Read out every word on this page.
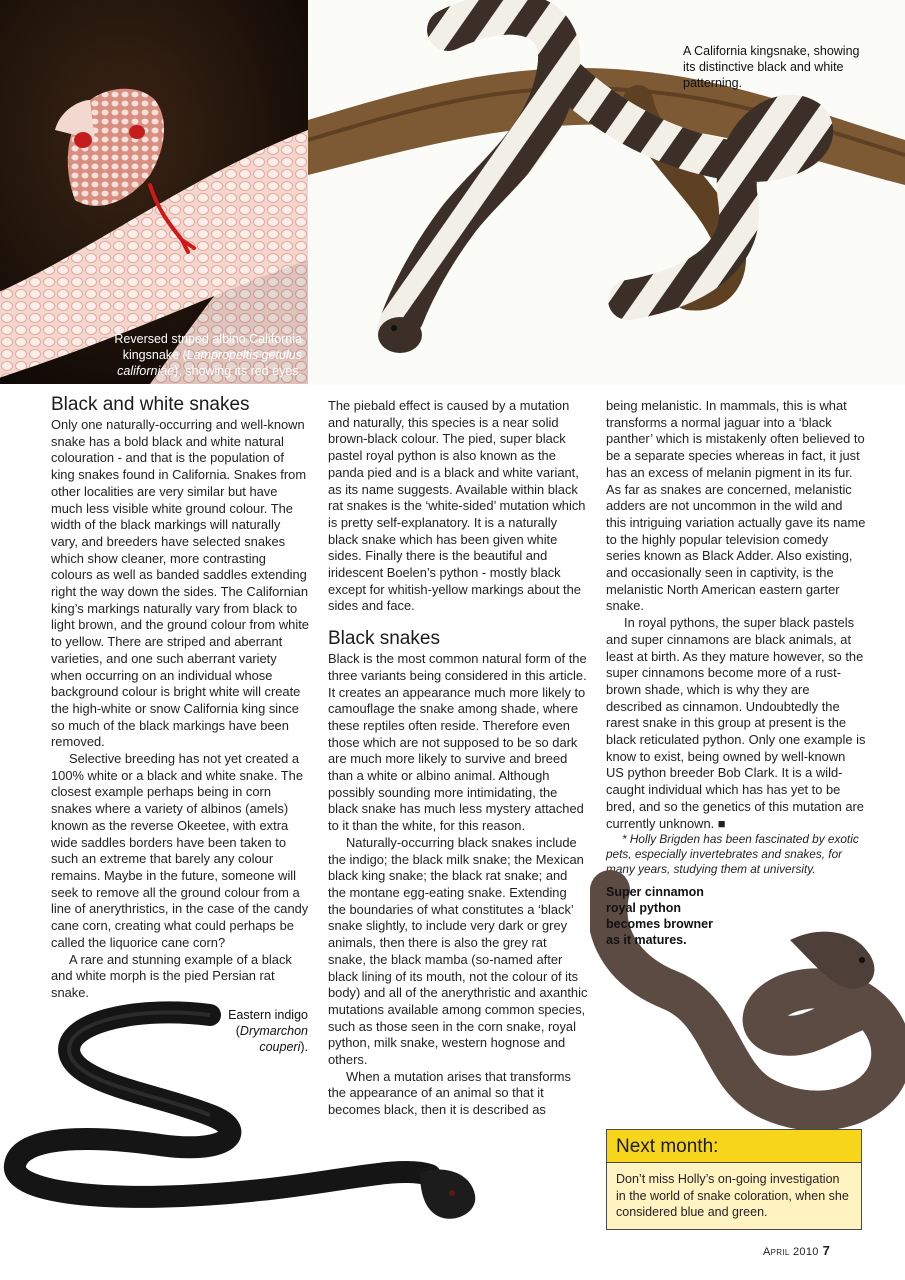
Reversed striped albino California kingsnake (Lampropeltis getulus californiae), showing its red eyes.
A California kingsnake, showing its distinctive black and white patterning.
Black and white snakes

Only one naturally-occurring and well-known snake has a bold black and white natural colouration - and that is the population of king snakes found in California. Snakes from other localities are very similar but have much less visible white ground colour. The width of the black markings will naturally vary, and breeders have selected snakes which show cleaner, more contrasting colours as well as banded saddles extending right the way down the sides. The Californian king’s markings naturally vary from black to light brown, and the ground colour from white to yellow. There are striped and aberrant varieties, and one such aberrant variety when occurring on an individual whose background colour is bright white will create the high-white or snow California king since so much of the black markings have been removed.

Selective breeding has not yet created a 100% white or a black and white snake. The closest example perhaps being in corn snakes where a variety of albinos (amels) known as the reverse Okeetee, with extra wide saddles borders have been taken to such an extreme that barely any colour remains. Maybe in the future, someone will seek to remove all the ground colour from a line of anerythristics, in the case of the candy cane corn, creating what could perhaps be called the liquorice cane corn?

A rare and stunning example of a black and white morph is the pied Persian rat snake.

The piebald effect is caused by a mutation and naturally, this species is a near solid brown-black colour. The pied, super black pastel royal python is also known as the panda pied and is a black and white variant, as its name suggests. Available within black rat snakes is the ‘white-sided’ mutation which is pretty self-explanatory. It is a naturally black snake which has been given white sides. Finally there is the beautiful and iridescent Boelen’s python - mostly black except for whitish-yellow markings about the sides and face.

Black snakes

Black is the most common natural form of the three variants being considered in this article. It creates an appearance much more likely to camouflage the snake among shade, where these reptiles often reside. Therefore even those which are not supposed to be so dark are much more likely to survive and breed than a white or albino animal. Although possibly sounding more intimidating, the black snake has much less mystery attached to it than the white, for this reason.

Naturally-occurring black snakes include the indigo; the black milk snake; the Mexican black king snake; the black rat snake; and the montane egg-eating snake. Extending the boundaries of what constitutes a ‘black’ snake slightly, to include very dark or grey animals, then there is also the grey rat snake, the black mamba (so-named after black lining of its mouth, not the colour of its body) and all of the anerythristic and axanthic mutations available among common species, such as those seen in the corn snake, royal python, milk snake, western hognose and others.

When a mutation arises that transforms the appearance of an animal so that it becomes black, then it is described as

being melanistic. In mammals, this is what transforms a normal jaguar into a ‘black panther’ which is mistakenly often believed to be a separate species whereas in fact, it just has an excess of melanin pigment in its fur. As far as snakes are concerned, melanistic adders are not uncommon in the wild and this intriguing variation actually gave its name to the highly popular television comedy series known as Black Adder. Also existing, and occasionally seen in captivity, is the melanistic North American eastern garter snake.

In royal pythons, the super black pastels and super cinnamons are black animals, at least at birth. As they mature however, so the super cinnamons become more of a rust-brown shade, which is why they are described as cinnamon. Undoubtedly the rarest snake in this group at present is the black reticulated python. Only one example is know to exist, being owned by well-known US python breeder Bob Clark. It is a wild-caught individual which has has yet to be bred, and so the genetics of this mutation are currently unknown. ■

* Holly Brigden has been fascinated by exotic pets, especially invertebrates and snakes, for many years, studying them at university.

Eastern indigo (Drymarchon couperi).
Super cinnamon royal python becomes browner as it matures.
Next month:
Don’t miss Holly’s on-going investigation in the world of snake coloration, when she considered blue and green.
April 2010 7
